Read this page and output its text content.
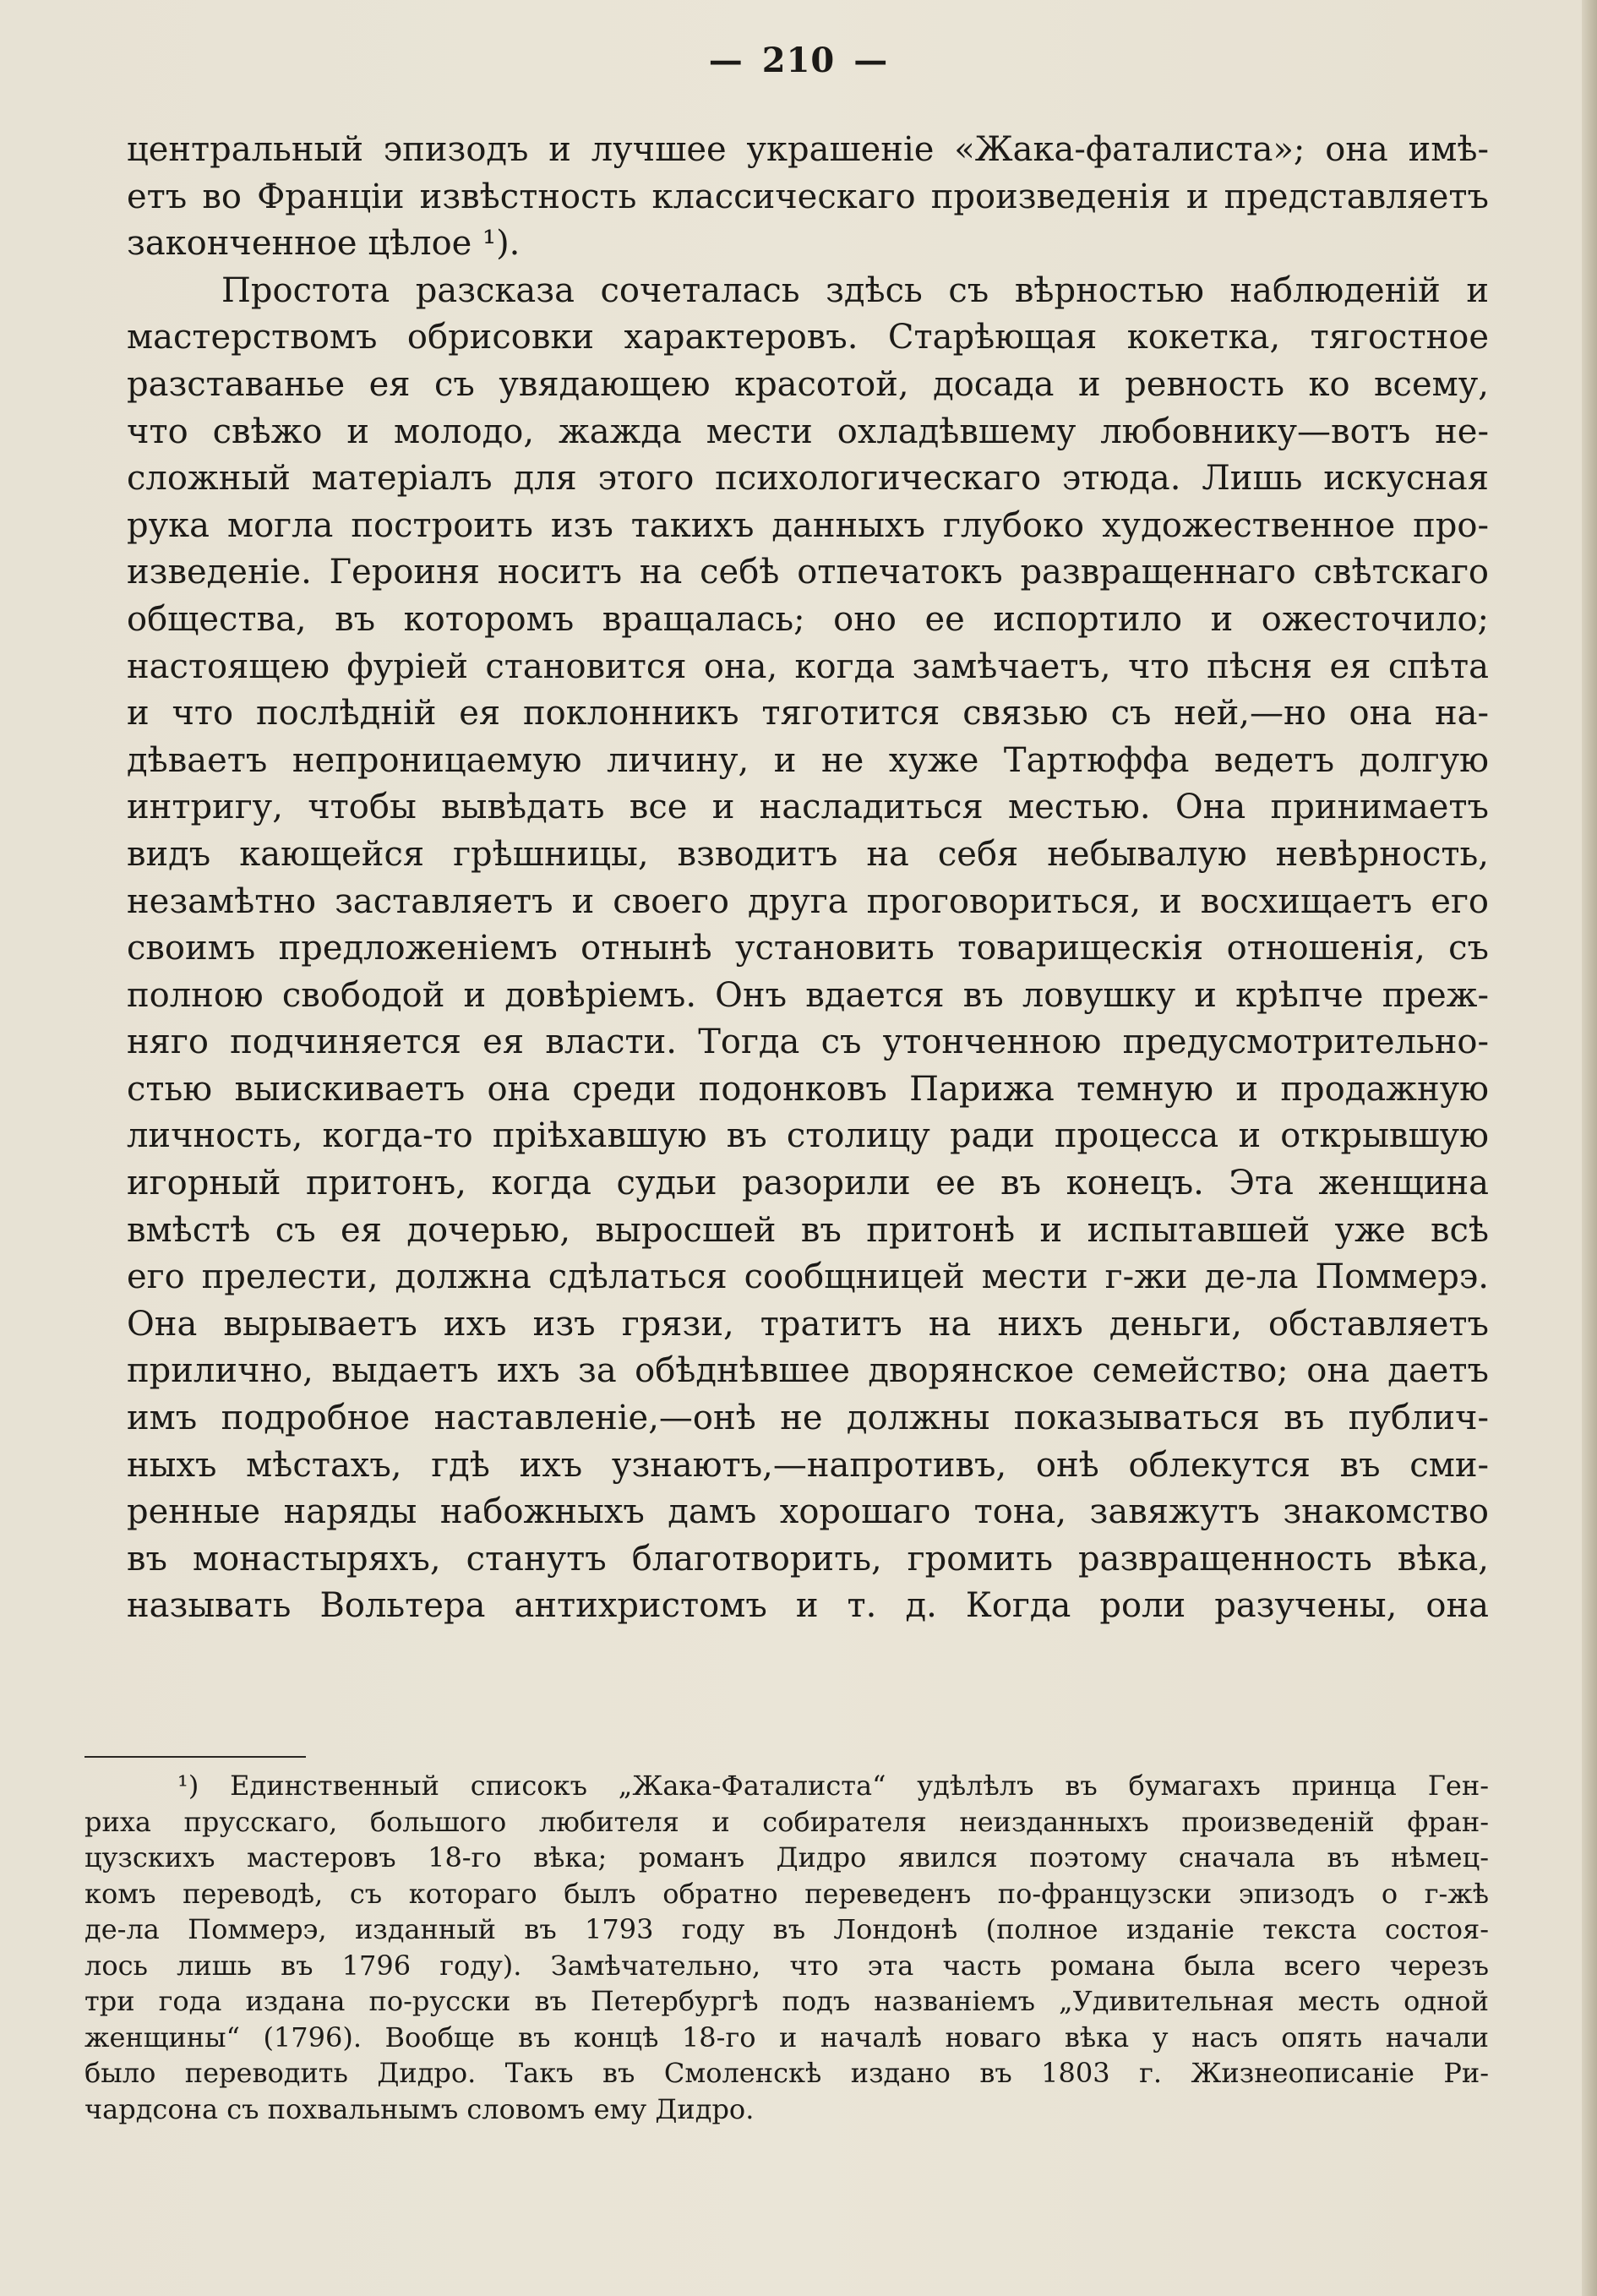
— 210 —
центральный эпизодъ и лучшее украшеніе «Жака-фаталиста»; она имѣ-
етъ во Франціи извѣстность классическаго произведенія и представляетъ
законченное цѣлое ¹).
Простота разсказа сочеталась здѣсь съ вѣрностью наблюденій и
мастерствомъ обрисовки характеровъ. Старѣющая кокетка, тягостное
разставанье ея съ увядающею красотой, досада и ревность ко всему,
что свѣжо и молодо, жажда мести охладѣвшему любовнику—вотъ не-
сложный матеріалъ для этого психологическаго этюда. Лишь искусная
рука могла построить изъ такихъ данныхъ глубоко художественное про-
изведеніе. Героиня носитъ на себѣ отпечатокъ развращеннаго свѣтскаго
общества, въ которомъ вращалась; оно ее испортило и ожесточило;
настоящею фуріей становится она, когда замѣчаетъ, что пѣсня ея спѣта
и что послѣдній ея поклонникъ тяготится связью съ ней,—но она на-
дѣваетъ непроницаемую личину, и не хуже Тартюффа ведетъ долгую
интригу, чтобы вывѣдать все и насладиться местью. Она принимаетъ
видъ кающейся грѣшницы, взводитъ на себя небывалую невѣрность,
незамѣтно заставляетъ и своего друга проговориться, и восхищаетъ его
своимъ предложеніемъ отнынѣ установить товарищескія отношенія, съ
полною свободой и довѣріемъ. Онъ вдается въ ловушку и крѣпче преж-
няго подчиняется ея власти. Тогда съ утонченною предусмотрительно-
стью выискиваетъ она среди подонковъ Парижа темную и продажную
личность, когда-то пріѣхавшую въ столицу ради процесса и открывшую
игорный притонъ, когда судьи разорили ее въ конецъ. Эта женщина
вмѣстѣ съ ея дочерью, выросшей въ притонѣ и испытавшей уже всѣ
его прелести, должна сдѣлаться сообщницей мести г-жи де-ла Поммерэ.
Она вырываетъ ихъ изъ грязи, тратитъ на нихъ деньги, обставляетъ
прилично, выдаетъ ихъ за обѣднѣвшее дворянское семейство; она даетъ
имъ подробное наставленіе,—онѣ не должны показываться въ публич-
ныхъ мѣстахъ, гдѣ ихъ узнаютъ,—напротивъ, онѣ облекутся въ сми-
ренные наряды набожныхъ дамъ хорошаго тона, завяжутъ знакомство
въ монастыряхъ, станутъ благотворить, громить развращенность вѣка,
называть Вольтера антихристомъ и т. д. Когда роли разучены, она
¹) Единственный списокъ „Жака-Фаталиста“ удѣлѣлъ въ бумагахъ принца Ген-
риха прусскаго, большого любителя и собирателя неизданныхъ произведеній фран-
цузскихъ мастеровъ 18-го вѣка; романъ Дидро явился поэтому сначала въ нѣмец-
комъ переводѣ, съ котораго былъ обратно переведенъ по-французски эпизодъ о г-жѣ
де-ла Поммерэ, изданный въ 1793 году въ Лондонѣ (полное изданіе текста состоя-
лось лишь въ 1796 году). Замѣчательно, что эта часть романа была всего черезъ
три года издана по-русски въ Петербургѣ подъ названіемъ „Удивительная месть одной
женщины“ (1796). Вообще въ концѣ 18-го и началѣ новаго вѣка у насъ опять начали
было переводить Дидро. Такъ въ Смоленскѣ издано въ 1803 г. Жизнеописаніе Ри-
чардсона съ похвальнымъ словомъ ему Дидро.
